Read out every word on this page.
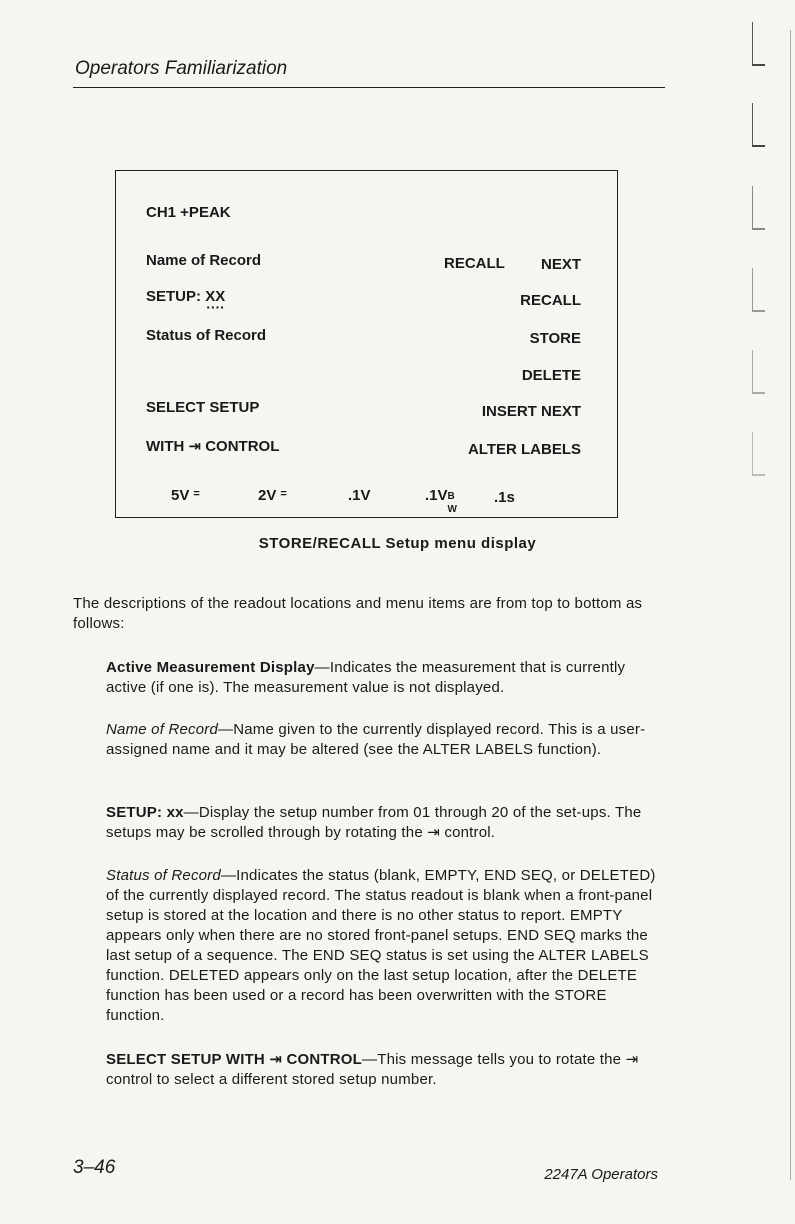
Operators Familiarization
CH1 +PEAK
Name of Record	RECALL NEXT
SETUP: XX ····	RECALL
Status of Record	STORE
DELETE
SELECT SETUP	INSERT NEXT
WITH ⇥ CONTROL	ALTER LABELS
5V =	2V =	.1V	.1V B
W
.1s
STORE/RECALL Setup menu display
The descriptions of the readout locations and menu items are from top to bottom as follows:
Active Measurement Display—Indicates the measurement that is currently active (if one is). The measurement value is not displayed.
Name of Record—Name given to the currently displayed record. This is a user-assigned name and it may be altered (see the ALTER LABELS function).
SETUP: xx—Display the setup number from 01 through 20 of the set-ups. The setups may be scrolled through by rotating the ⇥ control.
Status of Record—Indicates the status (blank, EMPTY, END SEQ, or DELETED) of the currently displayed record. The status readout is blank when a front-panel setup is stored at the location and there is no other status to report. EMPTY appears only when there are no stored front-panel setups. END SEQ marks the last setup of a sequence. The END SEQ status is set using the ALTER LABELS function. DELETED appears only on the last setup location, after the DELETE function has been used or a record has been overwritten with the STORE function.
SELECT SETUP WITH ⇥ CONTROL—This message tells you to rotate the ⇥ control to select a different stored setup number.
3–46	2247A Operators
